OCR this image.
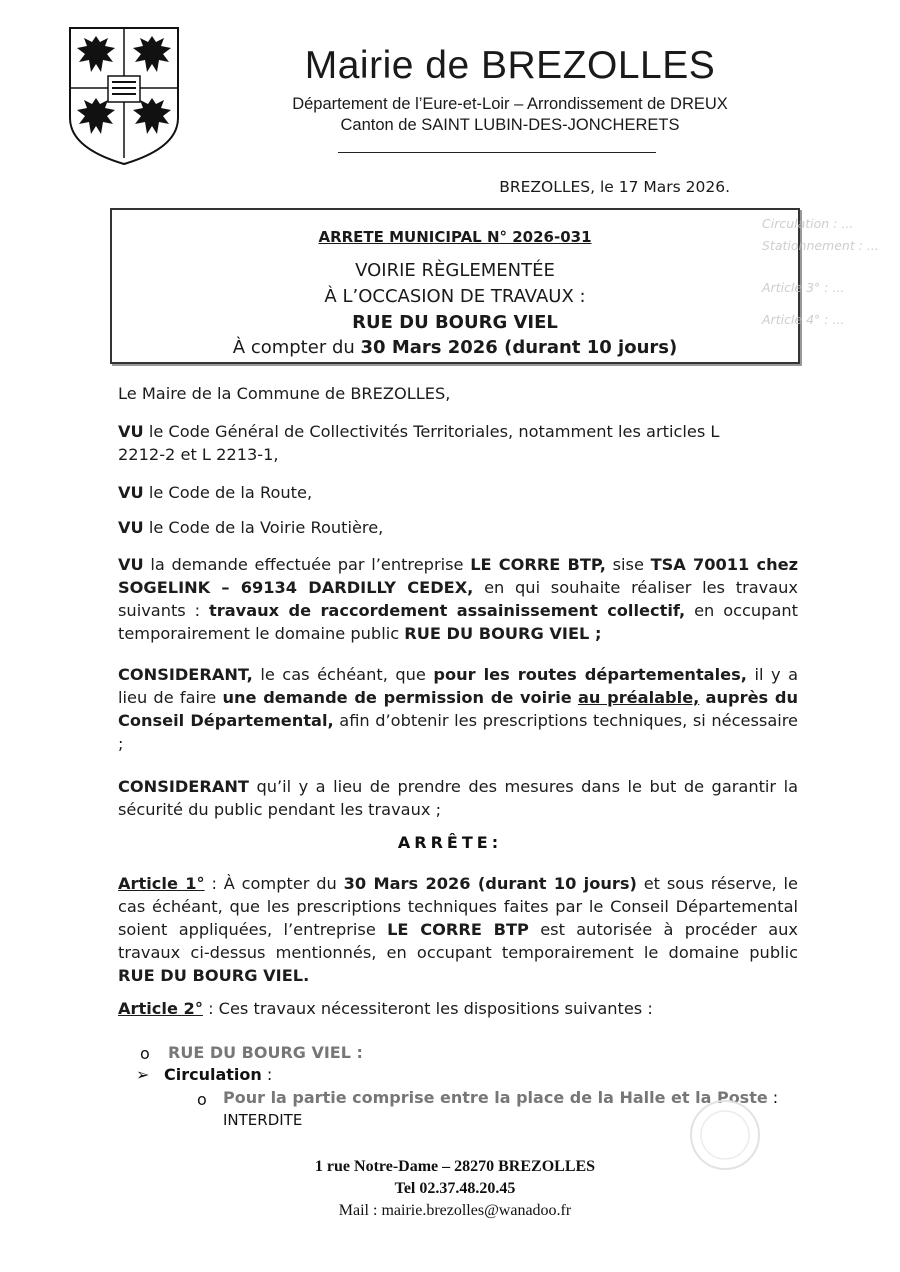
Mairie de BREZOLLES
Département de l’Eure-et-Loir – Arrondissement de DREUX
Canton de SAINT LUBIN-DES-JONCHERETS
BREZOLLES, le 17 Mars 2026.
Circulation : ...
Stationnement : ...
Article 3° : ...
Article 4° : ...
ARRETE MUNICIPAL N° 2026-031
VOIRIE RÈGLEMENTÉE
À L’OCCASION DE TRAVAUX :
RUE DU BOURG VIEL
À compter du 30 Mars 2026 (durant 10 jours)
Le Maire de la Commune de BREZOLLES,
VU le Code Général de Collectivités Territoriales, notamment les articles L 2212-2 et L 2213-1,
VU le Code de la Route,
VU le Code de la Voirie Routière,
VU la demande effectuée par l’entreprise LE CORRE BTP, sise TSA 70011 chez SOGELINK – 69134 DARDILLY CEDEX, en qui souhaite réaliser les travaux suivants : travaux de raccordement assainissement collectif, en occupant temporairement le domaine public RUE DU BOURG VIEL ;
CONSIDERANT, le cas échéant, que pour les routes départementales, il y a lieu de faire une demande de permission de voirie au préalable, auprès du Conseil Départemental, afin d’obtenir les prescriptions techniques, si nécessaire ;
CONSIDERANT qu’il y a lieu de prendre des mesures dans le but de garantir la sécurité du public pendant les travaux ;
ARRÊTE:
Article 1° : À compter du 30 Mars 2026 (durant 10 jours) et sous réserve, le cas échéant, que les prescriptions techniques faites par le Conseil Départemental soient appliquées, l’entreprise LE CORRE BTP est autorisée à procéder aux travaux ci-dessus mentionnés, en occupant temporairement le domaine public RUE DU BOURG VIEL.
Article 2° : Ces travaux nécessiteront les dispositions suivantes :
o RUE DU BOURG VIEL :
➢ Circulation :
o Pour la partie comprise entre la place de la Halle et la Poste :
INTERDITE
1 rue Notre-Dame – 28270 BREZOLLES
Tel 02.37.48.20.45
Mail : mairie.brezolles@wanadoo.fr
